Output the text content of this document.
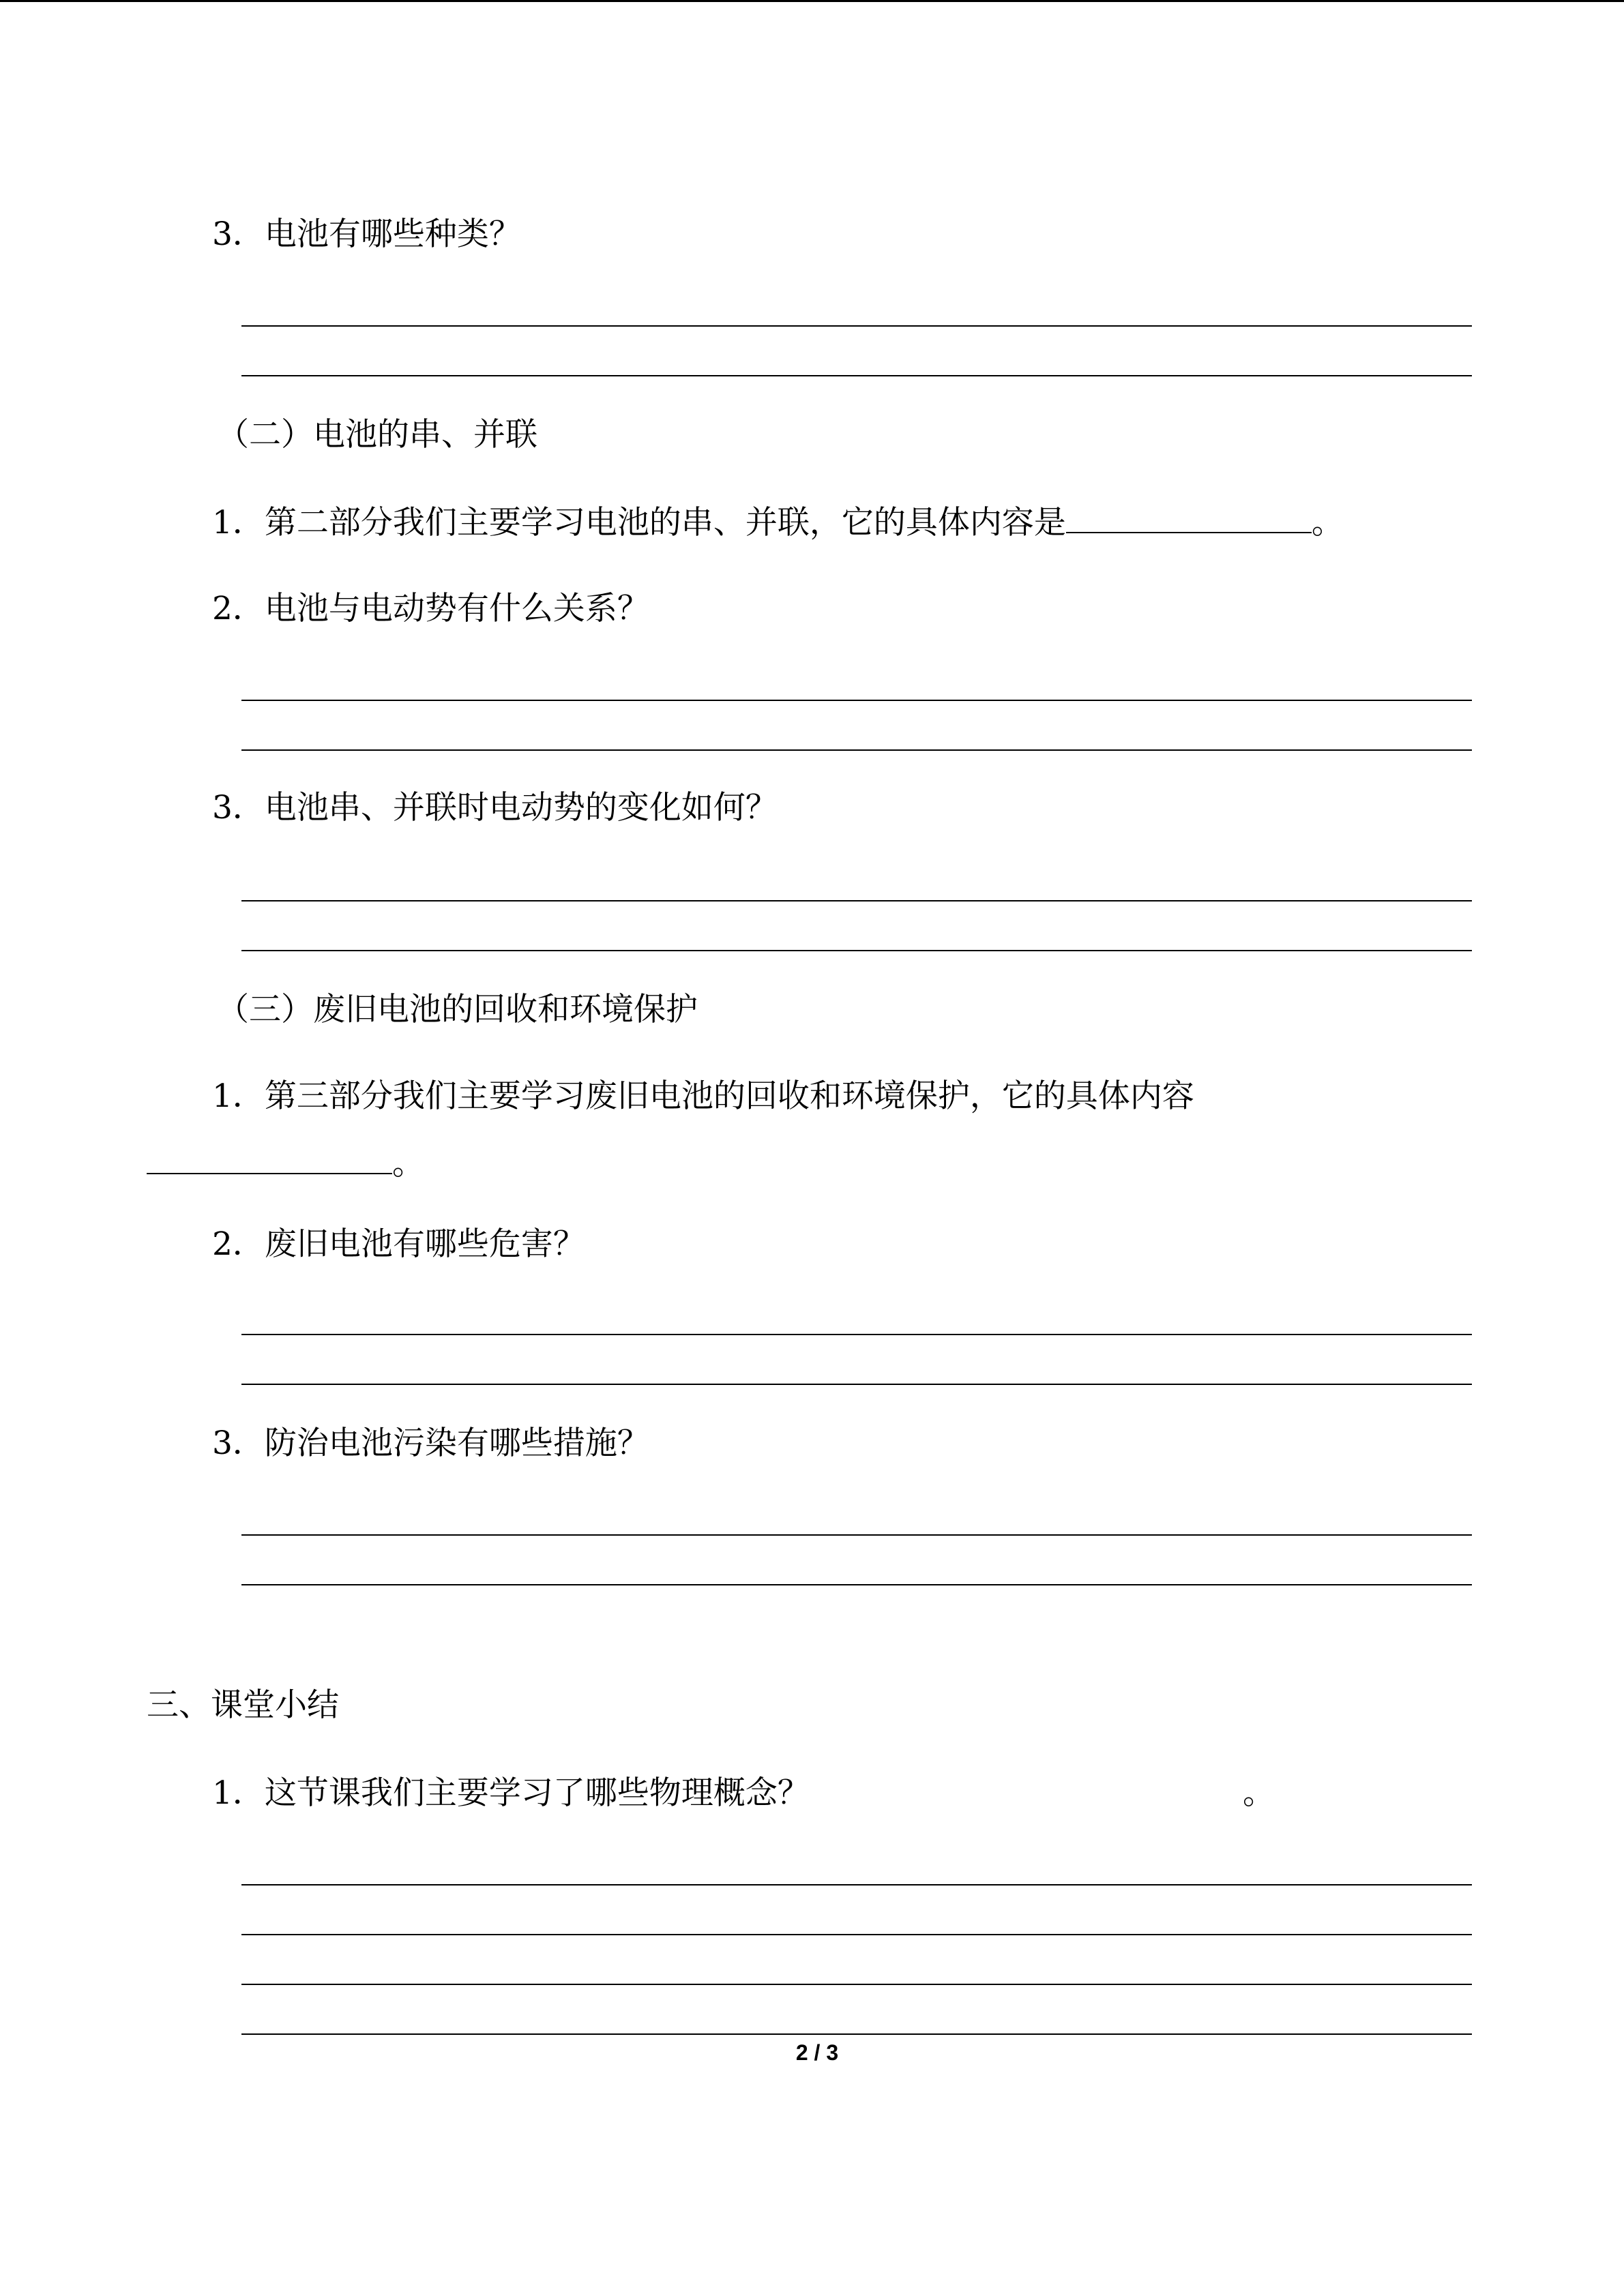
3．电池有哪些种类？
（二）电池的串、并联
1．第二部分我们主要学习电池的串、并联，它的具体内容是	。
2．电池与电动势有什么关系？
3．电池串、并联时电动势的变化如何？
（三）废旧电池的回收和环境保护
1．第三部分我们主要学习废旧电池的回收和环境保护，它的具体内容
。
2．废旧电池有哪些危害？
3．防治电池污染有哪些措施？
三、课堂小结
1．这节课我们主要学习了哪些物理概念？	。
2 / 3
